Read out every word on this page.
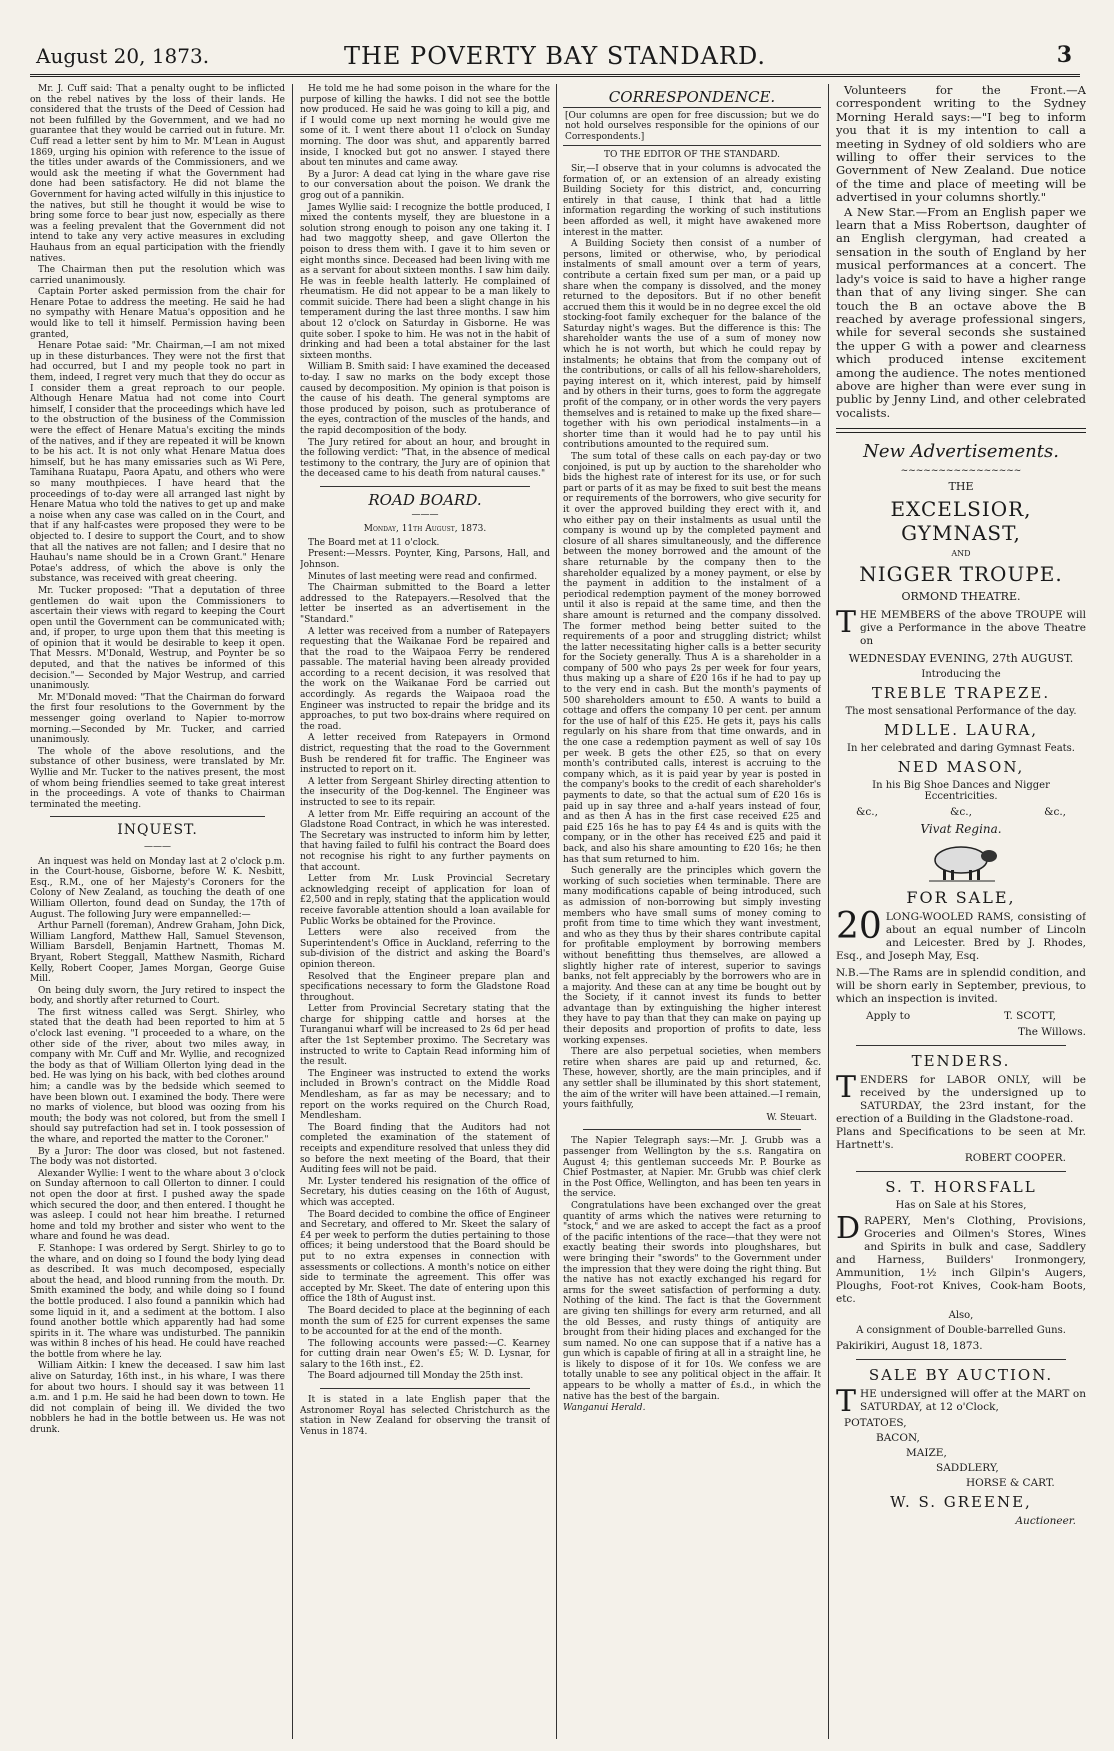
August 20, 1873.	THE POVERTY BAY STANDARD.	3

Mr. J. Cuff said: That a penalty ought to be inflicted on the rebel natives by the loss of their lands. He considered that the trusts of the Deed of Cession had not been fulfilled by the Government, and we had no guarantee that they would be carried out in future. Mr. Cuff read a letter sent by him to Mr. M'Lean in August 1869, urging his opinion with reference to the issue of the titles under awards of the Commissioners, and we would ask the meeting if what the Government had done had been satisfactory. He did not blame the Government for having acted wilfully in this injustice to the natives, but still he thought it would be wise to bring some force to bear just now, especially as there was a feeling prevalent that the Government did not intend to take any very active measures in excluding Hauhaus from an equal participation with the friendly natives.

The Chairman then put the resolution which was carried unanimously.

Captain Porter asked permission from the chair for Henare Potae to address the meeting. He said he had no sympathy with Henare Matua's opposition and he would like to tell it himself. Permission having been granted,

Henare Potae said: "Mr. Chairman,—I am not mixed up in these disturbances. They were not the first that had occurred, but I and my people took no part in them, indeed, I regret very much that they do occur as I consider them a great reproach to our people. Although Henare Matua had not come into Court himself, I consider that the proceedings which have led to the obstruction of the business of the Commission were the effect of Henare Matua's exciting the minds of the natives, and if they are repeated it will be known to be his act. It is not only what Henare Matua does himself, but he has many emissaries such as Wi Pere, Tamihana Ruatapu, Paora Apatu, and others who were so many mouthpieces. I have heard that the proceedings of to-day were all arranged last night by Henare Matua who told the natives to get up and make a noise when any case was called on in the Court, and that if any half-castes were proposed they were to be objected to. I desire to support the Court, and to show that all the natives are not fallen; and I desire that no Hauhau's name should be in a Crown Grant." Henare Potae's address, of which the above is only the substance, was received with great cheering.

Mr. Tucker proposed: "That a deputation of three gentlemen do wait upon the Commissioners to ascertain their views with regard to keeping the Court open until the Government can be communicated with; and, if proper, to urge upon them that this meeting is of opinion that it would be desirable to keep it open. That Messrs. M'Donald, Westrup, and Poynter be so deputed, and that the natives be informed of this decision."— Seconded by Major Westrup, and carried unanimously.

Mr. M'Donald moved: "That the Chairman do forward the first four resolutions to the Government by the messenger going overland to Napier to-morrow morning.—Seconded by Mr. Tucker, and carried unanimously.

The whole of the above resolutions, and the substance of other business, were translated by Mr. Wyllie and Mr. Tucker to the natives present, the most of whom being friendlies seemed to take great interest in the proceedings. A vote of thanks to Chairman terminated the meeting.

INQUEST.
———

An inquest was held on Monday last at 2 o'clock p.m. in the Court-house, Gisborne, before W. K. Nesbitt, Esq., R.M., one of her Majesty's Coroners for the Colony of New Zealand, as touching the death of one William Ollerton, found dead on Sunday, the 17th of August. The following Jury were empannelled:—

Arthur Parnell (foreman), Andrew Graham, John Dick, William Langford, Matthew Hall, Samuel Stevenson, William Barsdell, Benjamin Hartnett, Thomas M. Bryant, Robert Steggall, Matthew Nasmith, Richard Kelly, Robert Cooper, James Morgan, George Guise Mill.

On being duly sworn, the Jury retired to inspect the body, and shortly after returned to Court.

The first witness called was Sergt. Shirley, who stated that the death had been reported to him at 5 o'clock last evening. "I proceeded to a whare, on the other side of the river, about two miles away, in company with Mr. Cuff and Mr. Wyllie, and recognized the body as that of William Ollerton lying dead in the bed. He was lying on his back, with bed clothes around him; a candle was by the bedside which seemed to have been blown out. I examined the body. There were no marks of violence, but blood was oozing from his mouth; the body was not colored, but from the smell I should say putrefaction had set in. I took possession of the whare, and reported the matter to the Coroner."

By a Juror: The door was closed, but not fastened. The body was not distorted.

Alexander Wyllie: I went to the whare about 3 o'clock on Sunday afternoon to call Ollerton to dinner. I could not open the door at first. I pushed away the spade which secured the door, and then entered. I thought he was asleep. I could not hear him breathe. I returned home and told my brother and sister who went to the whare and found he was dead.

F. Stanhope: I was ordered by Sergt. Shirley to go to the whare, and on doing so I found the body lying dead as described. It was much decomposed, especially about the head, and blood running from the mouth. Dr. Smith examined the body, and while doing so I found the bottle produced. I also found a pannikin which had some liquid in it, and a sediment at the bottom. I also found another bottle which apparently had had some spirits in it. The whare was undisturbed. The pannikin was within 8 inches of his head. He could have reached the bottle from where he lay.

William Aitkin: I knew the deceased. I saw him last alive on Saturday, 16th inst., in his whare, I was there for about two hours. I should say it was between 11 a.m. and 1 p.m. He said he had been down to town. He did not complain of being ill. We divided the two nobblers he had in the bottle between us. He was not drunk.

He told me he had some poison in the whare for the purpose of killing the hawks. I did not see the bottle now produced. He said he was going to kill a pig, and if I would come up next morning he would give me some of it. I went there about 11 o'clock on Sunday morning. The door was shut, and apparently barred inside, I knocked but got no answer. I stayed there about ten minutes and came away.

By a Juror: A dead cat lying in the whare gave rise to our conversation about the poison. We drank the grog out of a pannikin.

James Wyllie said: I recognize the bottle produced, I mixed the contents myself, they are bluestone in a solution strong enough to poison any one taking it. I had two maggotty sheep, and gave Ollerton the poison to dress them with. I gave it to him seven or eight months since. Deceased had been living with me as a servant for about sixteen months. I saw him daily. He was in feeble health latterly. He complained of rheumatism. He did not appear to be a man likely to commit suicide. There had been a slight change in his temperament during the last three months. I saw him about 12 o'clock on Saturday in Gisborne. He was quite sober. I spoke to him. He was not in the habit of drinking and had been a total abstainer for the last sixteen months.

William B. Smith said: I have examined the deceased to-day. I saw no marks on the body except those caused by decomposition. My opinion is that poison is the cause of his death. The general symptoms are those produced by poison, such as protuberance of the eyes, contraction of the muscles of the hands, and the rapid decomposition of the body.

The Jury retired for about an hour, and brought in the following verdict: "That, in the absence of medical testimony to the contrary, the Jury are of opinion that the deceased came to his death from natural causes."

ROAD BOARD.
———
Monday, 11th August, 1873.

The Board met at 11 o'clock.

Present:—Messrs. Poynter, King, Parsons, Hall, and Johnson.

Minutes of last meeting were read and confirmed.

The Chairman submitted to the Board a letter addressed to the Ratepayers.—Resolved that the letter be inserted as an advertisement in the "Standard."

A letter was received from a number of Ratepayers requesting that the Waikanae Ford be repaired and that the road to the Waipaoa Ferry be rendered passable. The material having been already provided according to a recent decision, it was resolved that the work on the Waikanae Ford be carried out accordingly. As regards the Waipaoa road the Engineer was instructed to repair the bridge and its approaches, to put two box-drains where required on the road.

A letter received from Ratepayers in Ormond district, requesting that the road to the Government Bush be rendered fit for traffic. The Engineer was instructed to report on it.

A letter from Sergeant Shirley directing attention to the insecurity of the Dog-kennel. The Engineer was instructed to see to its repair.

A letter from Mr. Eiffe requiring an account of the Gladstone Road Contract, in which he was interested. The Secretary was instructed to inform him by letter, that having failed to fulfil his contract the Board does not recognise his right to any further payments on that account.

Letter from Mr. Lusk Provincial Secretary acknowledging receipt of application for loan of £2,500 and in reply, stating that the application would receive favorable attention should a loan available for Public Works be obtained for the Province.

Letters were also received from the Superintendent's Office in Auckland, referring to the sub-division of the district and asking the Board's opinion thereon.

Resolved that the Engineer prepare plan and specifications necessary to form the Gladstone Road throughout.

Letter from Provincial Secretary stating that the charge for shipping cattle and horses at the Turanganui wharf will be increased to 2s 6d per head after the 1st September proximo. The Secretary was instructed to write to Captain Read informing him of the result.

The Engineer was instructed to extend the works included in Brown's contract on the Middle Road Mendlesham, as far as may be necessary; and to report on the works required on the Church Road, Mendlesham.

The Board finding that the Auditors had not completed the examination of the statement of receipts and expenditure resolved that unless they did so before the next meeting of the Board, that their Auditing fees will not be paid.

Mr. Lyster tendered his resignation of the office of Secretary, his duties ceasing on the 16th of August, which was accepted.

The Board decided to combine the office of Engineer and Secretary, and offered to Mr. Skeet the salary of £4 per week to perform the duties pertaining to those offices; it being understood that the Board should be put to no extra expenses in connection with assessments or collections. A month's notice on either side to terminate the agreement. This offer was accepted by Mr. Skeet. The date of entering upon this office the 18th of August inst.

The Board decided to place at the beginning of each month the sum of £25 for current expenses the same to be accounted for at the end of the month.

The following accounts were passed:—C. Kearney for cutting drain near Owen's £5; W. D. Lysnar, for salary to the 16th inst., £2.

The Board adjourned till Monday the 25th inst.

It is stated in a late English paper that the Astronomer Royal has selected Christchurch as the station in New Zealand for observing the transit of Venus in 1874.

CORRESPONDENCE.
[Our columns are open for free discussion; but we do not hold ourselves responsible for the opinions of our Correspondents.]
TO THE EDITOR OF THE STANDARD.

Sir,—I observe that in your columns is advocated the formation of, or an extension of an already existing Building Society for this district, and, concurring entirely in that cause, I think that had a little information regarding the working of such institutions been afforded as well, it might have awakened more interest in the matter.

A Building Society then consist of a number of persons, limited or otherwise, who, by periodical instalments of small amount over a term of years, contribute a certain fixed sum per man, or a paid up share when the company is dissolved, and the money returned to the depositors. But if no other benefit accrued them this it would be in no degree excel the old stocking-foot family exchequer for the balance of the Saturday night's wages. But the difference is this: The shareholder wants the use of a sum of money now which he is not worth, but which he could repay by instalments; he obtains that from the company out of the contributions, or calls of all his fellow-shareholders, paying interest on it, which interest, paid by himself and by others in their turns, goes to form the aggregate profit of the company, or in other words the very payers themselves and is retained to make up the fixed share— together with his own periodical instalments—in a shorter time than it would had he to pay until his contributions amounted to the required sum.

The sum total of these calls on each pay-day or two conjoined, is put up by auction to the shareholder who bids the highest rate of interest for its use, or for such part or parts of it as may be fixed to suit best the means or requirements of the borrowers, who give security for it over the approved building they erect with it, and who either pay on their instalments as usual until the company is wound up by the completed payment and closure of all shares simultaneously, and the difference between the money borrowed and the amount of the share returnable by the company then to the shareholder equalized by a money payment, or else by the payment in addition to the instalment of a periodical redemption payment of the money borrowed until it also is repaid at the same time, and then the share amount is returned and the company dissolved. The former method being better suited to the requirements of a poor and struggling district; whilst the latter necessitating higher calls is a better security for the Society generally. Thus A is a shareholder in a company of 500 who pays 2s per week for four years, thus making up a share of £20 16s if he had to pay up to the very end in cash. But the month's payments of 500 shareholders amount to £50. A wants to build a cottage and offers the company 10 per cent. per annum for the use of half of this £25. He gets it, pays his calls regularly on his share from that time onwards, and in the one case a redemption payment as well of say 10s per week. B gets the other £25, so that on every month's contributed calls, interest is accruing to the company which, as it is paid year by year is posted in the company's books to the credit of each shareholder's payments to date, so that the actual sum of £20 16s is paid up in say three and a-half years instead of four, and as then A has in the first case received £25 and paid £25 16s he has to pay £4 4s and is quits with the company, or in the other has received £25 and paid it back, and also his share amounting to £20 16s; he then has that sum returned to him.

Such generally are the principles which govern the working of such societies when terminable. There are many modifications capable of being introduced, such as admission of non-borrowing but simply investing members who have small sums of money coming to profit from time to time which they want investment, and who as they thus by their shares contribute capital for profitable employment by borrowing members without benefitting thus themselves, are allowed a slightly higher rate of interest, superior to savings banks, not felt appreciably by the borrowers who are in a majority. And these can at any time be bought out by the Society, if it cannot invest its funds to better advantage than by extinguishing the higher interest they have to pay than that they can make on paying up their deposits and proportion of profits to date, less working expenses.

There are also perpetual societies, when members retire when shares are paid up and returned, &c. These, however, shortly, are the main principles, and if any settler shall be illuminated by this short statement, the aim of the writer will have been attained.—I remain, yours faithfully,

W. Steuart.

The Napier Telegraph says:—Mr. J. Grubb was a passenger from Wellington by the s.s. Rangatira on August 4; this gentleman succeeds Mr. P. Bourke as Chief Postmaster, at Napier. Mr. Grubb was chief clerk in the Post Office, Wellington, and has been ten years in the service.

Congratulations have been exchanged over the great quantity of arms which the natives were returning to "stock," and we are asked to accept the fact as a proof of the pacific intentions of the race—that they were not exactly beating their swords into ploughshares, but were bringing their "swords" to the Government under the impression that they were doing the right thing. But the native has not exactly exchanged his regard for arms for the sweet satisfaction of performing a duty. Nothing of the kind. The fact is that the Government are giving ten shillings for every arm returned, and all the old Besses, and rusty things of antiquity are brought from their hiding places and exchanged for the sum named. No one can suppose that if a native has a gun which is capable of firing at all in a straight line, he is likely to dispose of it for 10s. We confess we are totally unable to see any political object in the affair. It appears to be wholly a matter of £s.d., in which the native has the best of the bargain.

Wanganui Herald.

Volunteers for the Front.—A correspondent writing to the Sydney Morning Herald says:—"I beg to inform you that it is my intention to call a meeting in Sydney of old soldiers who are willing to offer their services to the Government of New Zealand. Due notice of the time and place of meeting will be advertised in your columns shortly."

A New Star.—From an English paper we learn that a Miss Robertson, daughter of an English clergyman, had created a sensation in the south of England by her musical performances at a concert. The lady's voice is said to have a higher range than that of any living singer. She can touch the B an octave above the B reached by average professional singers, while for several seconds she sustained the upper G with a power and clearness which produced intense excitement among the audience. The notes mentioned above are higher than were ever sung in public by Jenny Lind, and other celebrated vocalists.

New Advertisements.
~~~~~~~~~~~~~~~~
THE
EXCELSIOR, GYMNAST,
AND
NIGGER TROUPE.
ORMOND THEATRE.
T HE MEMBERS of the above TROUPE will give a Performance in the above Theatre on
WEDNESDAY EVENING, 27th AUGUST.
Introducing the
TREBLE TRAPEZE.
The most sensational Performance of the day.
MDLLE. LAURA,
In her celebrated and daring Gymnast Feats.
NED MASON,
In his Big Shoe Dances and Nigger Eccentricities.
&c.,	&c.,	&c.,
Vivat Regina.
FOR SALE,
20 LONG-WOOLED RAMS, consisting of about an equal number of Lincoln and Leicester. Bred by J. Rhodes, Esq., and Joseph May, Esq.
N.B.—The Rams are in splendid condition, and will be shorn early in September, previous, to which an inspection is invited.
Apply to	T. SCOTT,
The Willows.
TENDERS.
T ENDERS for LABOR ONLY, will be received by the undersigned up to SATURDAY, the 23rd instant, for the erection of a Building in the Gladstone-road.
Plans and Specifications to be seen at Mr. Hartnett's.
ROBERT COOPER.
S. T. HORSFALL
Has on Sale at his Stores,
D RAPERY, Men's Clothing, Provisions, Groceries and Oilmen's Stores, Wines and Spirits in bulk and case, Saddlery and Harness, Builders' Ironmongery, Ammunition, 1½ inch Gilpin's Augers, Ploughs, Foot-rot Knives, Cook-ham Boots, etc.
Also,
A consignment of Double-barrelled Guns.
Pakirikiri, August 18, 1873.
SALE BY AUCTION.
T HE undersigned will offer at the MART on SATURDAY, at 12 o'Clock,
POTATOES,
BACON,
MAIZE,
SADDLERY,
HORSE & CART.
W. S. GREENE,
Auctioneer.
